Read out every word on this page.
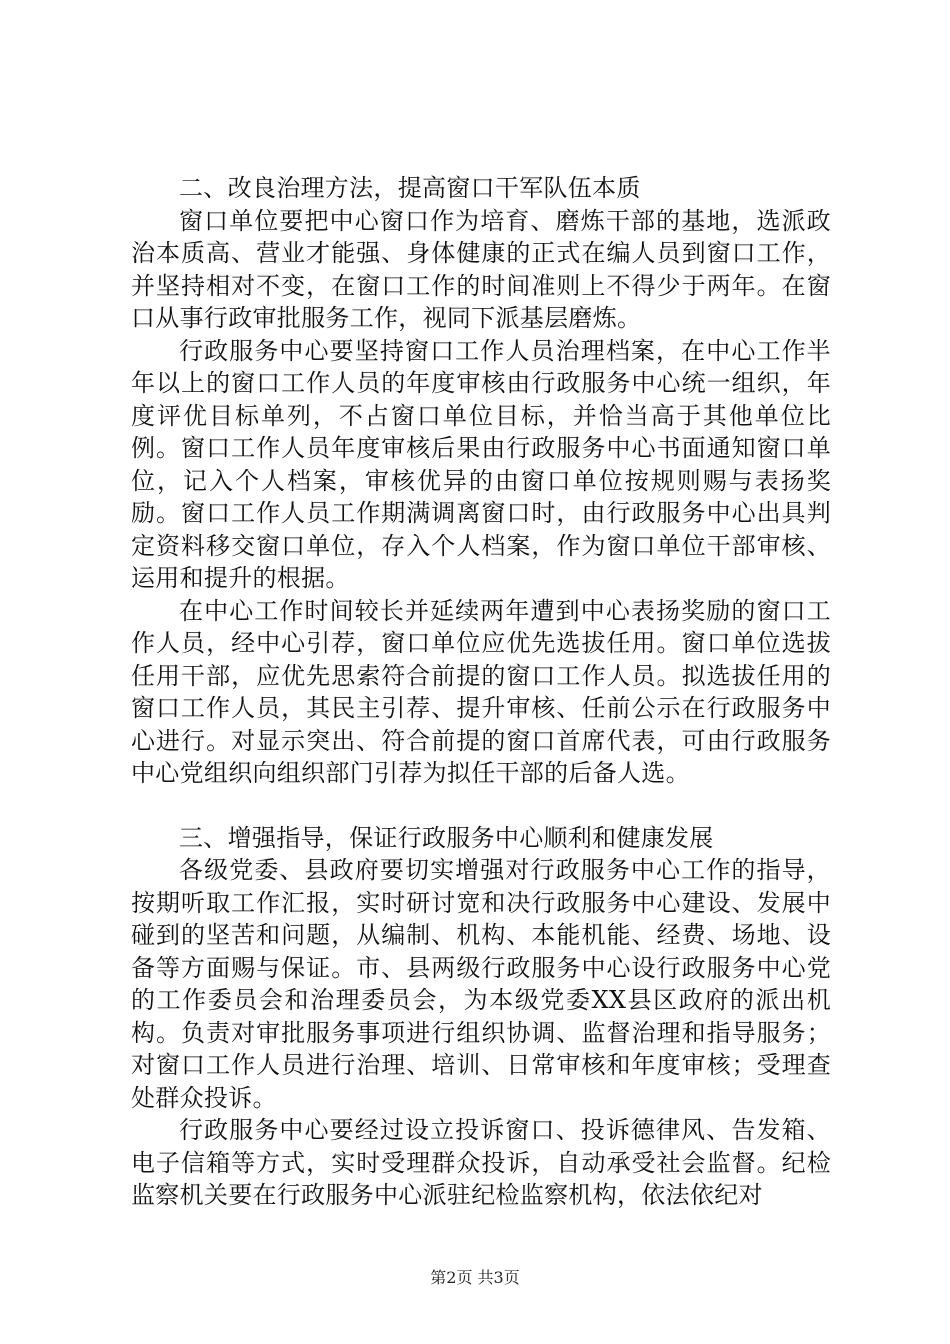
二、改良治理方法，提高窗口干军队伍本质

窗口单位要把中心窗口作为培育、磨炼干部的基地，选派政治本质高、营业才能强、身体健康的正式在编人员到窗口工作，并坚持相对不变，在窗口工作的时间准则上不得少于两年。在窗口从事行政审批服务工作，视同下派基层磨炼。

行政服务中心要坚持窗口工作人员治理档案，在中心工作半年以上的窗口工作人员的年度审核由行政服务中心统一组织，年度评优目标单列，不占窗口单位目标，并恰当高于其他单位比例。窗口工作人员年度审核后果由行政服务中心书面通知窗口单位，记入个人档案，审核优异的由窗口单位按规则赐与表扬奖励。窗口工作人员工作期满调离窗口时，由行政服务中心出具判定资料移交窗口单位，存入个人档案，作为窗口单位干部审核、运用和提升的根据。

在中心工作时间较长并延续两年遭到中心表扬奖励的窗口工作人员，经中心引荐，窗口单位应优先选拔任用。窗口单位选拔任用干部，应优先思索符合前提的窗口工作人员。拟选拔任用的窗口工作人员，其民主引荐、提升审核、任前公示在行政服务中心进行。对显示突出、符合前提的窗口首席代表，可由行政服务中心党组织向组织部门引荐为拟任干部的后备人选。

三、增强指导，保证行政服务中心顺利和健康发展

各级党委、县政府要切实增强对行政服务中心工作的指导，按期听取工作汇报，实时研讨宽和决行政服务中心建设、发展中碰到的坚苦和问题，从编制、机构、本能机能、经费、场地、设备等方面赐与保证。市、县两级行政服务中心设行政服务中心党的工作委员会和治理委员会，为本级党委XX县区政府的派出机构。负责对审批服务事项进行组织协调、监督治理和指导服务；对窗口工作人员进行治理、培训、日常审核和年度审核；受理查处群众投诉。

行政服务中心要经过设立投诉窗口、投诉德律风、告发箱、电子信箱等方式，实时受理群众投诉，自动承受社会监督。纪检监察机关要在行政服务中心派驻纪检监察机构，依法依纪对

第2页 共3页
